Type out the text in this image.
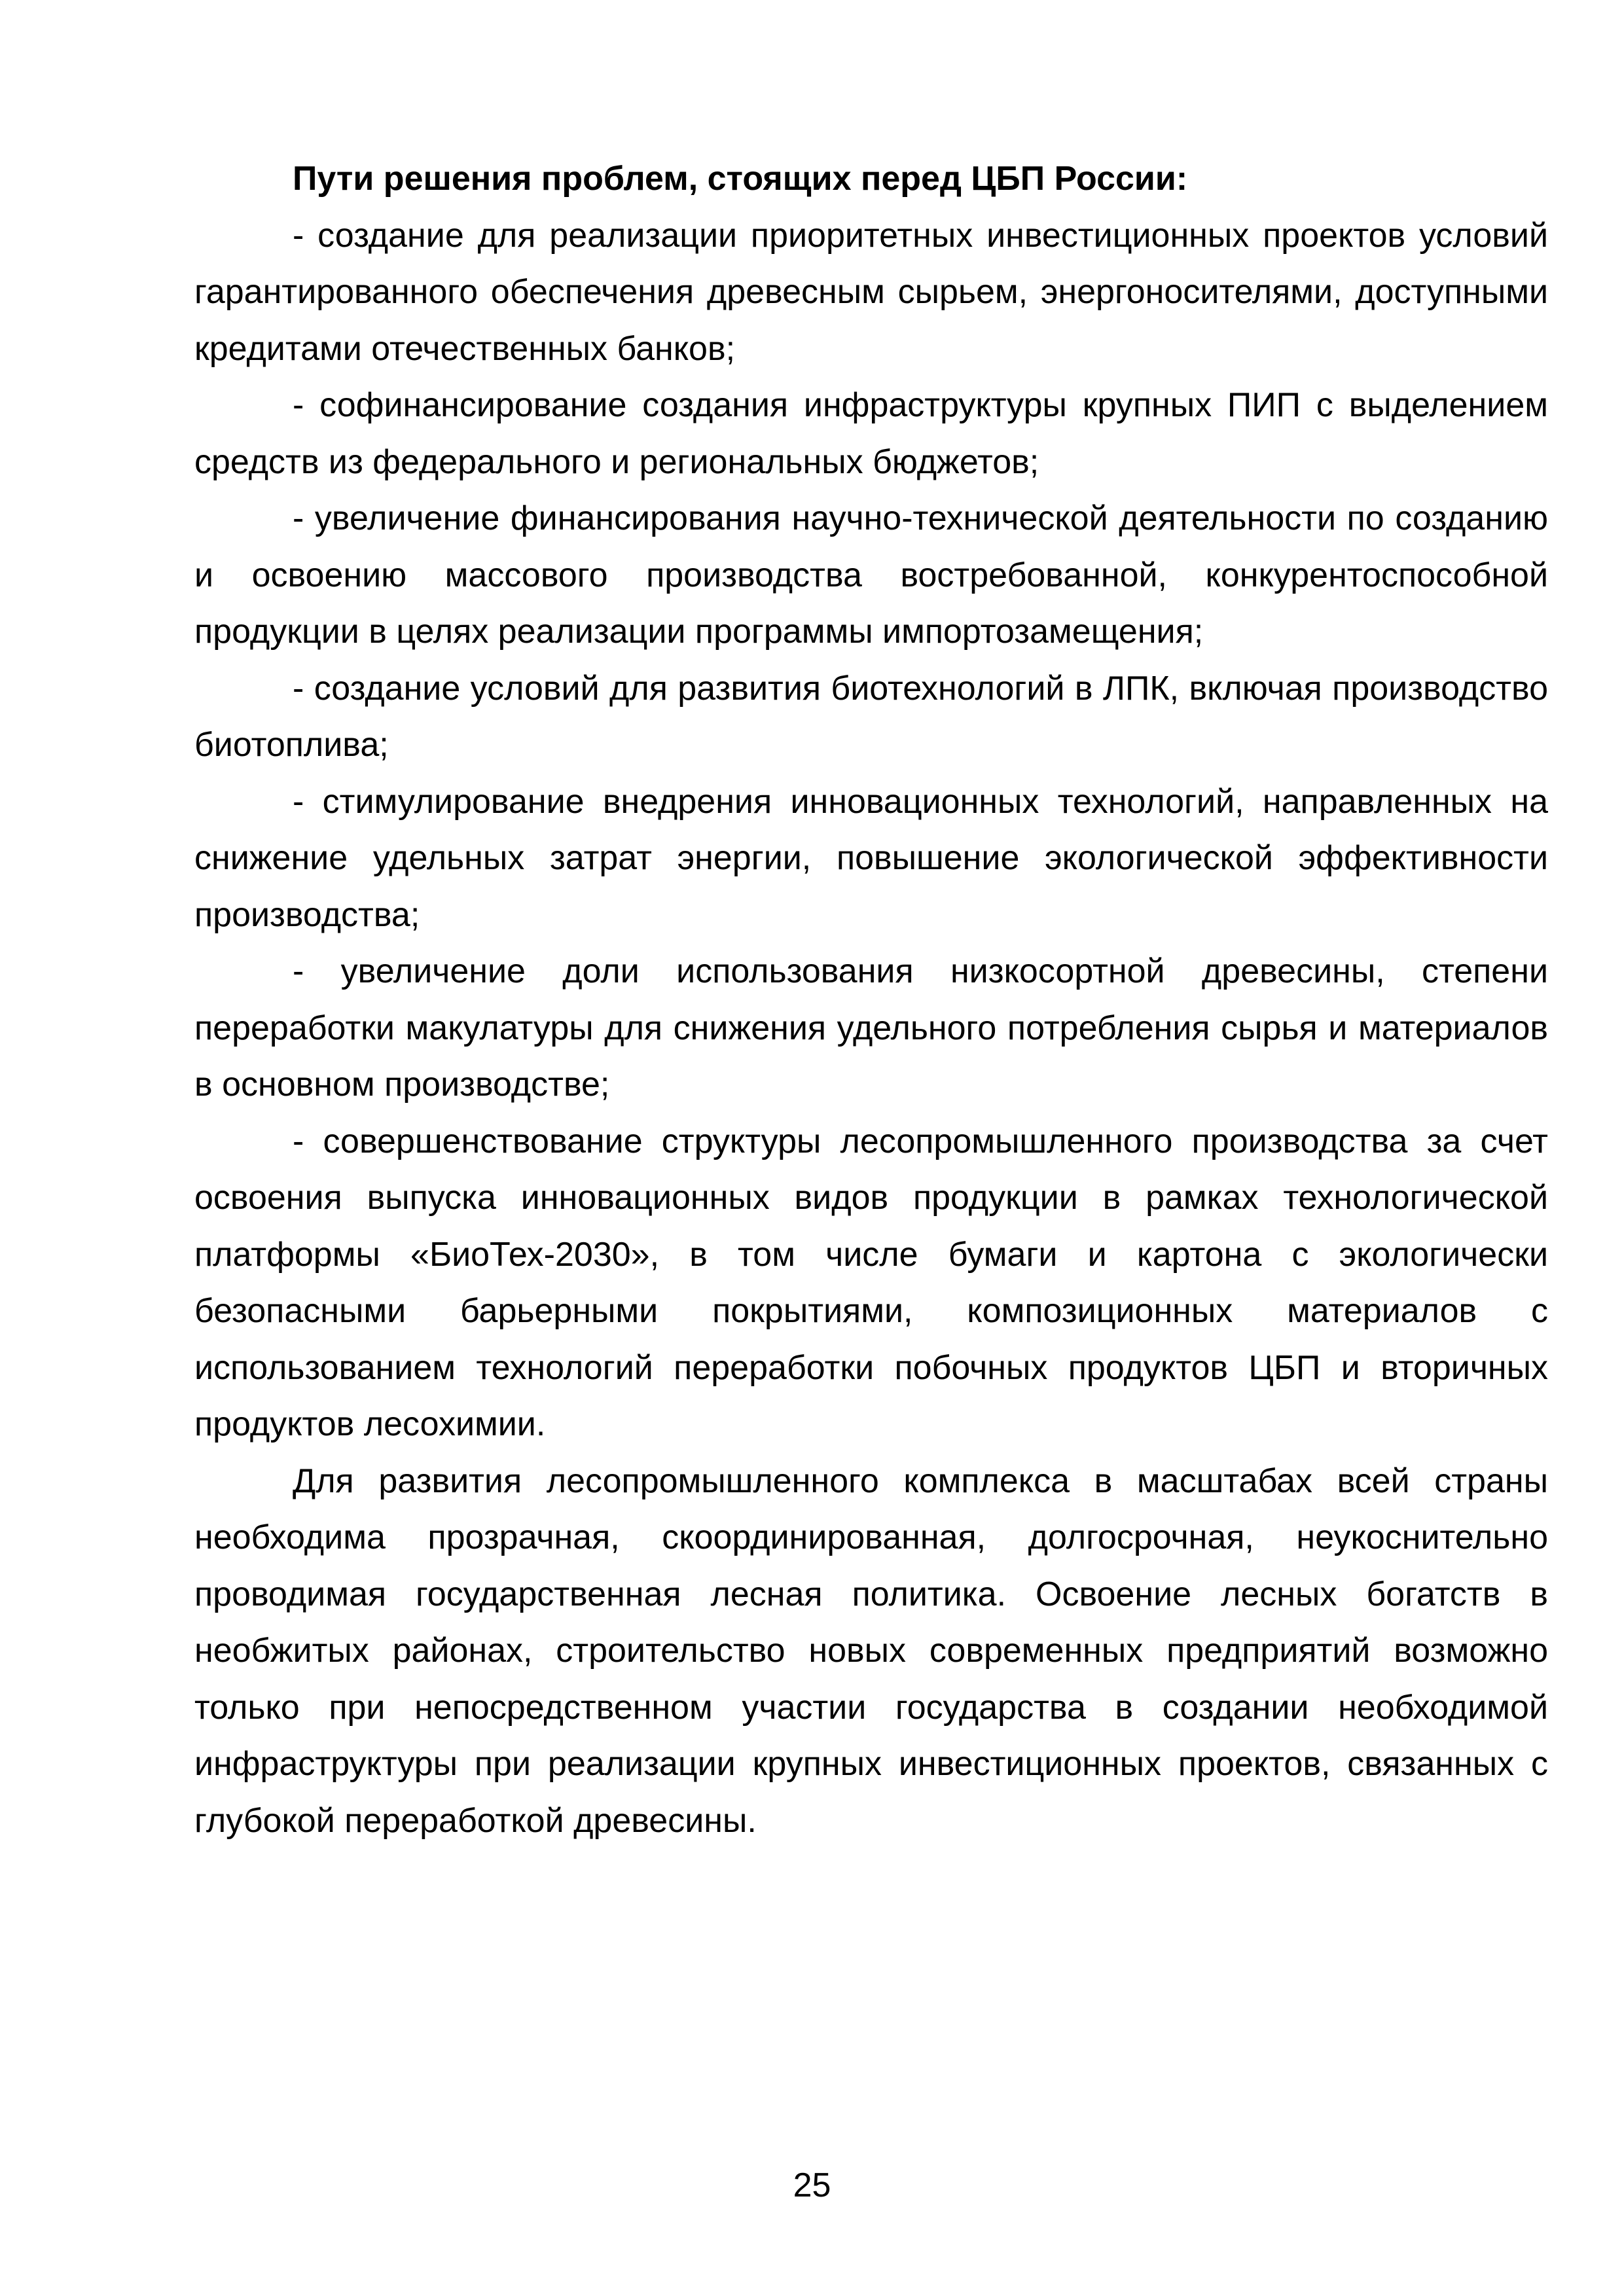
Пути решения проблем, стоящих перед ЦБП России:

- создание для реализации приоритетных инвестиционных проектов условий гарантированного обеспечения древесным сырьем, энергоносителями, доступными кредитами отечественных банков;

- софинансирование создания инфраструктуры крупных ПИП с выделением средств из федерального и региональных бюджетов;

- увеличение финансирования научно-технической деятельности по созданию и освоению массового производства востребованной, конкурентоспособной продукции в целях реализации программы импортозамещения;

- создание условий для развития биотехнологий в ЛПК, включая производство биотоплива;

- стимулирование внедрения инновационных технологий, направленных на снижение удельных затрат энергии, повышение экологической эффективности производства;

- увеличение доли использования низкосортной древесины, степени переработки макулатуры для снижения удельного потребления сырья и материалов в основном производстве;

- совершенствование структуры лесопромышленного производства за счет освоения выпуска инновационных видов продукции в рамках технологической платформы «БиоТех-2030», в том числе бумаги и картона с экологически безопасными барьерными покрытиями, композиционных материалов с использованием технологий переработки побочных продуктов ЦБП и вторичных продуктов лесохимии.

Для развития лесопромышленного комплекса в масштабах всей страны необходима прозрачная, скоординированная, долгосрочная, неукоснительно проводимая государственная лесная политика. Освоение лесных богатств в необжитых районах, строительство новых современных предприятий возможно только при непосредственном участии государства в создании необходимой инфраструктуры при реализации крупных инвестиционных проектов, связанных с глубокой переработкой древесины.

25
